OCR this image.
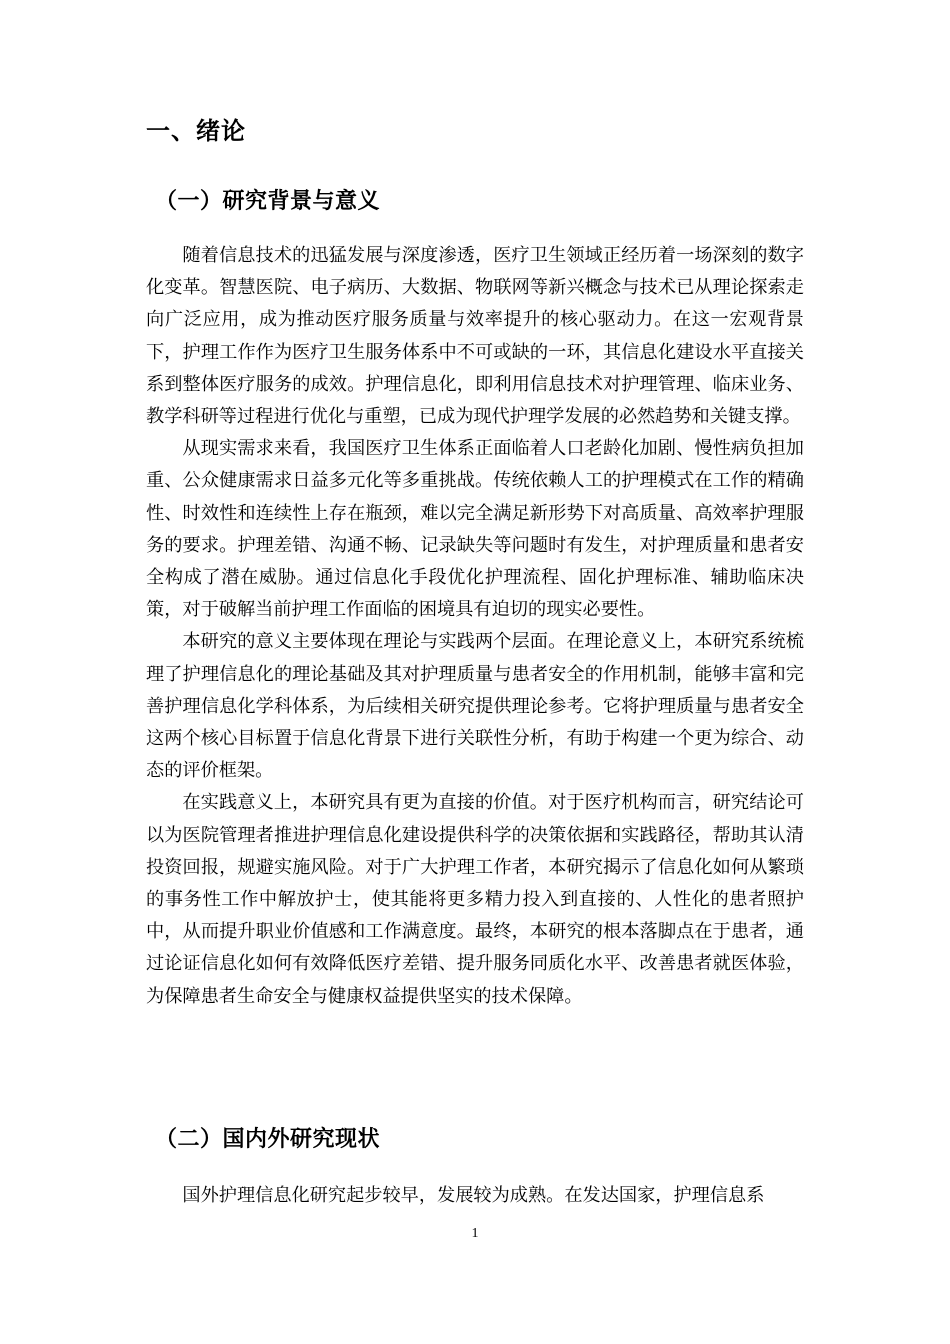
一、绪论
（一）研究背景与意义

随着信息技术的迅猛发展与深度渗透，医疗卫生领域正经历着一场深刻的数字化变革。智慧医院、电子病历、大数据、物联网等新兴概念与技术已从理论探索走向广泛应用，成为推动医疗服务质量与效率提升的核心驱动力。在这一宏观背景下，护理工作作为医疗卫生服务体系中不可或缺的一环，其信息化建设水平直接关系到整体医疗服务的成效。护理信息化，即利用信息技术对护理管理、临床业务、教学科研等过程进行优化与重塑，已成为现代护理学发展的必然趋势和关键支撑。

从现实需求来看，我国医疗卫生体系正面临着人口老龄化加剧、慢性病负担加重、公众健康需求日益多元化等多重挑战。传统依赖人工的护理模式在工作的精确性、时效性和连续性上存在瓶颈，难以完全满足新形势下对高质量、高效率护理服务的要求。护理差错、沟通不畅、记录缺失等问题时有发生，对护理质量和患者安全构成了潜在威胁。通过信息化手段优化护理流程、固化护理标准、辅助临床决策，对于破解当前护理工作面临的困境具有迫切的现实必要性。

本研究的意义主要体现在理论与实践两个层面。在理论意义上，本研究系统梳理了护理信息化的理论基础及其对护理质量与患者安全的作用机制，能够丰富和完善护理信息化学科体系，为后续相关研究提供理论参考。它将护理质量与患者安全这两个核心目标置于信息化背景下进行关联性分析，有助于构建一个更为综合、动态的评价框架。

在实践意义上，本研究具有更为直接的价值。对于医疗机构而言，研究结论可以为医院管理者推进护理信息化建设提供科学的决策依据和实践路径，帮助其认清投资回报，规避实施风险。对于广大护理工作者，本研究揭示了信息化如何从繁琐的事务性工作中解放护士，使其能将更多精力投入到直接的、人性化的患者照护中，从而提升职业价值感和工作满意度。最终，本研究的根本落脚点在于患者，通过论证信息化如何有效降低医疗差错、提升服务同质化水平、改善患者就医体验，为保障患者生命安全与健康权益提供坚实的技术保障。

（二）国内外研究现状

国外护理信息化研究起步较早，发展较为成熟。在发达国家，护理信息系

1
